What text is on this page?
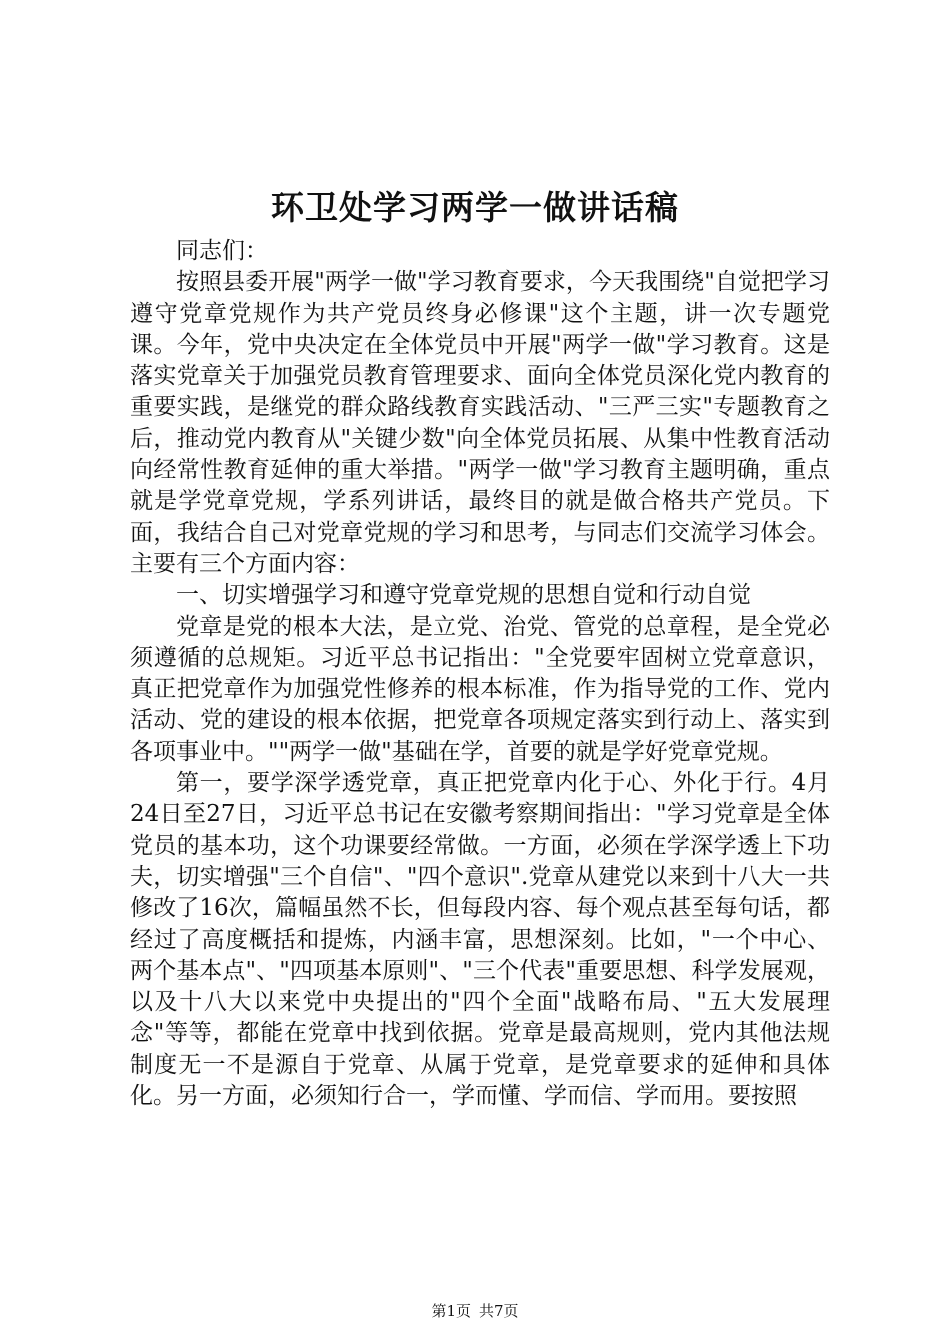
环卫处学习两学一做讲话稿

同志们：

按照县委开展"两学一做"学习教育要求，今天我围绕"自觉把学习遵守党章党规作为共产党员终身必修课"这个主题，讲一次专题党课。今年，党中央决定在全体党员中开展"两学一做"学习教育。这是落实党章关于加强党员教育管理要求、面向全体党员深化党内教育的重要实践，是继党的群众路线教育实践活动、"三严三实"专题教育之后，推动党内教育从"关键少数"向全体党员拓展、从集中性教育活动向经常性教育延伸的重大举措。"两学一做"学习教育主题明确，重点就是学党章党规，学系列讲话，最终目的就是做合格共产党员。下面，我结合自己对党章党规的学习和思考，与同志们交流学习体会。主要有三个方面内容：

一、切实增强学习和遵守党章党规的思想自觉和行动自觉

党章是党的根本大法，是立党、治党、管党的总章程，是全党必须遵循的总规矩。习近平总书记指出："全党要牢固树立党章意识，真正把党章作为加强党性修养的根本标准，作为指导党的工作、党内活动、党的建设的根本依据，把党章各项规定落实到行动上、落实到各项事业中。""两学一做"基础在学，首要的就是学好党章党规。

第一，要学深学透党章，真正把党章内化于心、外化于行。4月24日至27日，习近平总书记在安徽考察期间指出："学习党章是全体党员的基本功，这个功课要经常做。一方面，必须在学深学透上下功夫，切实增强"三个自信"、"四个意识".党章从建党以来到十八大一共修改了16次，篇幅虽然不长，但每段内容、每个观点甚至每句话，都经过了高度概括和提炼，内涵丰富，思想深刻。比如，"一个中心、两个基本点"、"四项基本原则"、"三个代表"重要思想、科学发展观，以及十八大以来党中央提出的"四个全面"战略布局、"五大发展理念"等等，都能在党章中找到依据。党章是最高规则，党内其他法规制度无一不是源自于党章、从属于党章，是党章要求的延伸和具体化。另一方面，必须知行合一，学而懂、学而信、学而用。要按照

第1页 共7页
